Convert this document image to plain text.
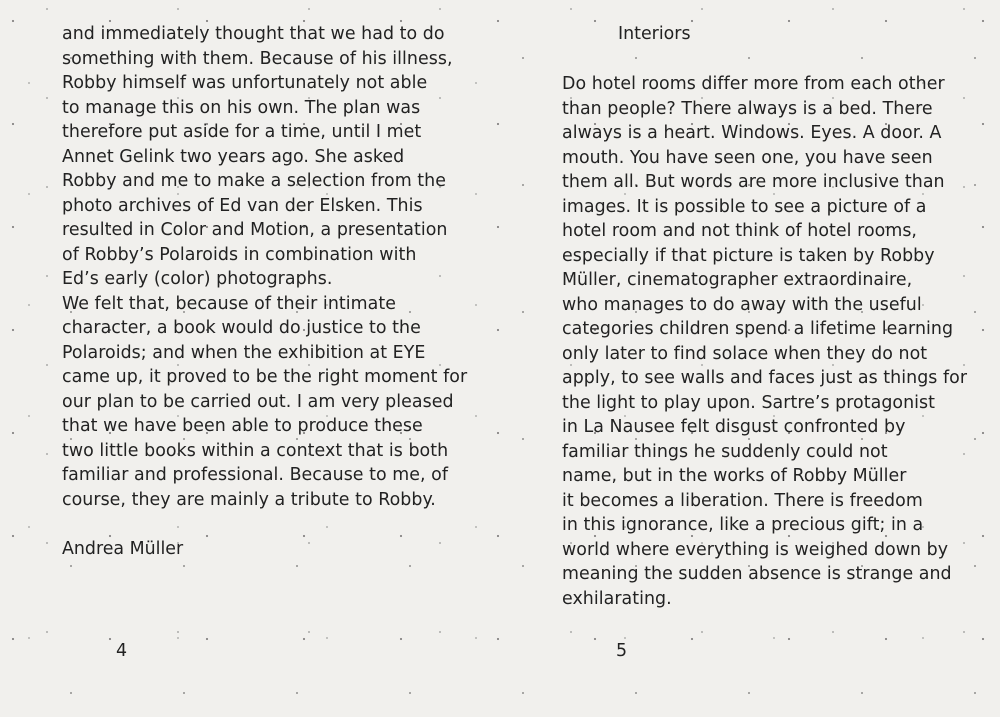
and immediately thought that we had to do
something with them. Because of his illness,
Robby himself was unfortunately not able
to manage this on his own. The plan was
therefore put aside for a time, until I met
Annet Gelink two years ago. She asked
Robby and me to make a selection from the
photo archives of Ed van der Elsken. This
resulted in Color and Motion, a presentation
of Robby’s Polaroids in combination with
Ed’s early (color) photographs.
We felt that, because of their intimate
character, a book would do justice to the
Polaroids; and when the exhibition at EYE
came up, it proved to be the right moment for
our plan to be carried out. I am very pleased
that we have been able to produce these
two little books within a context that is both
familiar and professional. Because to me, of
course, they are mainly a tribute to Robby.

Andrea Müller

4

Interiors

Do hotel rooms differ more from each other
than people? There always is a bed. There
always is a heart. Windows. Eyes. A door. A
mouth. You have seen one, you have seen
them all. But words are more inclusive than
images. It is possible to see a picture of a
hotel room and not think of hotel rooms,
especially if that picture is taken by Robby
Müller, cinematographer extraordinaire,
who manages to do away with the useful
categories children spend a lifetime learning
only later to find solace when they do not
apply, to see walls and faces just as things for
the light to play upon. Sartre’s protagonist
in La Nausee felt disgust confronted by
familiar things he suddenly could not
name, but in the works of Robby Müller
it becomes a liberation. There is freedom
in this ignorance, like a precious gift; in a
world where everything is weighed down by
meaning the sudden absence is strange and
exhilarating.

5
